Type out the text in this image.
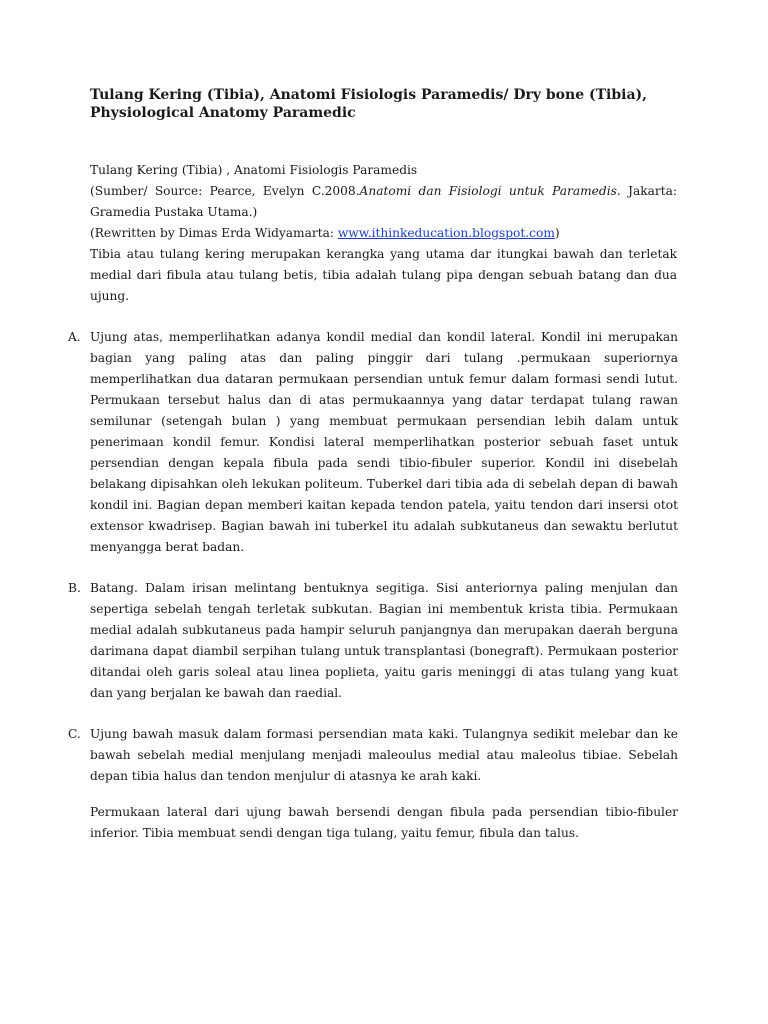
Tulang Kering (Tibia), Anatomi Fisiologis Paramedis/ Dry bone (Tibia),
Physiological Anatomy Paramedic
Tulang Kering (Tibia) , Anatomi Fisiologis Paramedis
(Sumber/ Source: Pearce, Evelyn C.2008.Anatomi dan Fisiologi untuk Paramedis. Jakarta:
Gramedia Pustaka Utama.)
(Rewritten by Dimas Erda Widyamarta: www.ithinkeducation.blogspot.com)

Tibia atau tulang kering merupakan kerangka yang utama dar itungkai bawah dan terletak medial dari fibula atau tulang betis, tibia adalah tulang pipa dengan sebuah batang dan dua ujung.

A. Ujung atas, memperlihatkan adanya kondil medial dan kondil lateral. Kondil ini merupakan bagian yang paling atas dan paling pinggir dari tulang .permukaan superiornya memperlihatkan dua dataran permukaan persendian untuk femur dalam formasi sendi lutut. Permukaan tersebut halus dan di atas permukaannya yang datar terdapat tulang rawan semilunar (setengah bulan ) yang membuat permukaan persendian lebih dalam untuk penerimaan kondil femur. Kondisi lateral memperlihatkan posterior sebuah faset untuk persendian dengan kepala fibula pada sendi tibio-fibuler superior. Kondil ini disebelah belakang dipisahkan oleh lekukan politeum. Tuberkel dari tibia ada di sebelah depan di bawah kondil ini. Bagian depan memberi kaitan kepada tendon patela, yaitu tendon dari insersi otot extensor kwadrisep. Bagian bawah ini tuberkel itu adalah subkutaneus dan sewaktu berlutut menyangga berat badan.

B. Batang. Dalam irisan melintang bentuknya segitiga. Sisi anteriornya paling menjulan dan sepertiga sebelah tengah terletak subkutan. Bagian ini membentuk krista tibia. Permukaan medial adalah subkutaneus pada hampir seluruh panjangnya dan merupakan daerah berguna darimana dapat diambil serpihan tulang untuk transplantasi (bonegraft). Permukaan posterior ditandai oleh garis soleal atau linea poplieta, yaitu garis meninggi di atas tulang yang kuat dan yang berjalan ke bawah dan raedial.

C. Ujung bawah masuk dalam formasi persendian mata kaki. Tulangnya sedikit melebar dan ke bawah sebelah medial menjulang menjadi maleoulus medial atau maleolus tibiae. Sebelah depan tibia halus dan tendon menjulur di atasnya ke arah kaki.

Permukaan lateral dari ujung bawah bersendi dengan fibula pada persendian tibio-fibuler inferior. Tibia membuat sendi dengan tiga tulang, yaitu femur, fibula dan talus.
